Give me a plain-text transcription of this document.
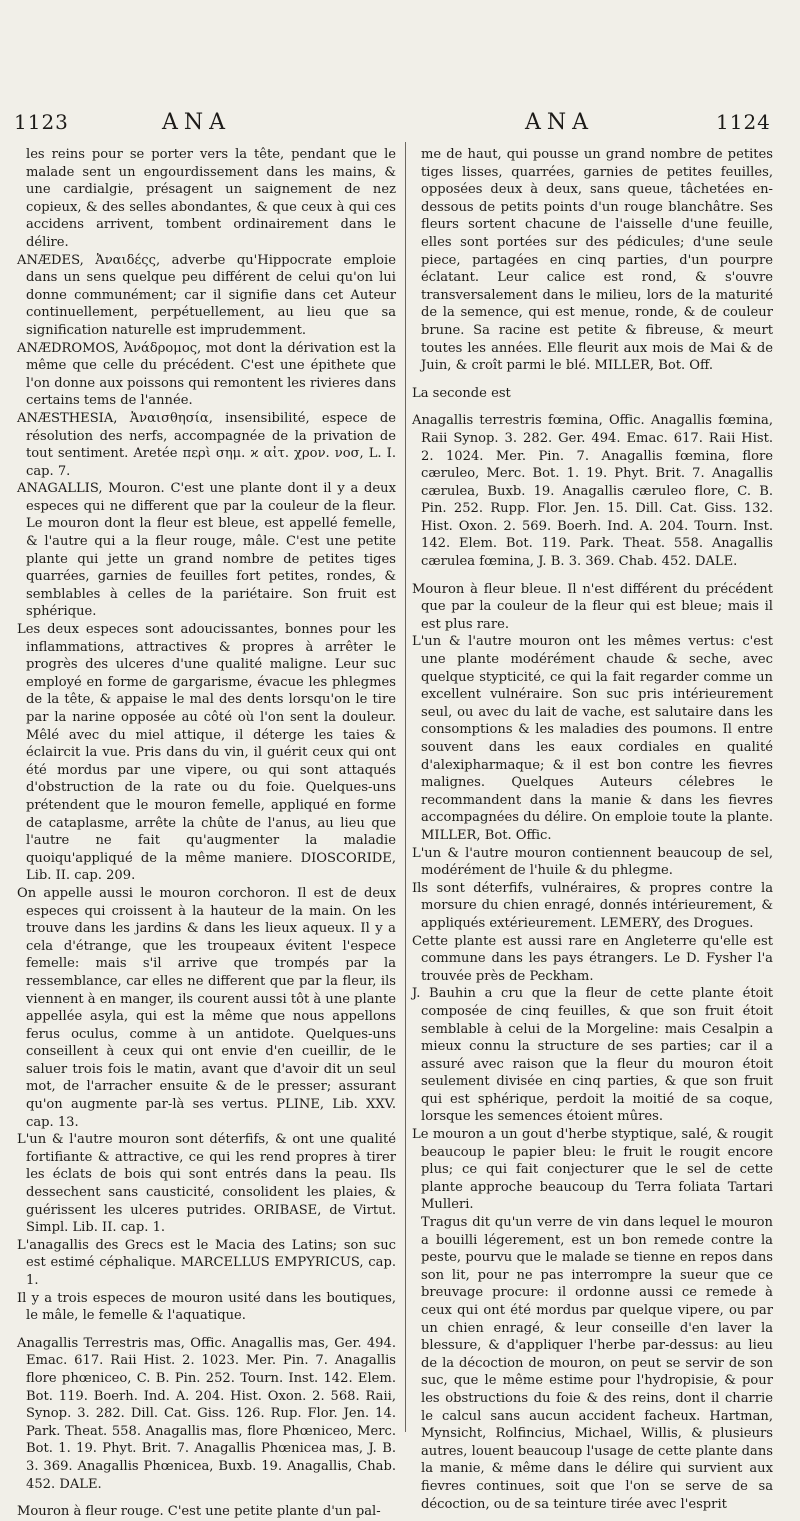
1123	ANA	ANA	1124

les reins pour se porter vers la tête, pendant que le malade sent un engourdissement dans les mains, & une cardialgie, présagent un saignement de nez copieux, & des selles abondantes, & que ceux à qui ces accidens arrivent, tombent ordinairement dans le délire.

ANÆDES, Ἀναιδέςς, adverbe qu'Hippocrate emploie dans un sens quelque peu différent de celui qu'on lui donne communément; car il signifie dans cet Auteur continuellement, perpétuellement, au lieu que sa signification naturelle est imprudemment.

ANÆDROMOS, Ἀνάδρομος, mot dont la dérivation est la même que celle du précédent. C'est une épithete que l'on donne aux poissons qui remontent les rivieres dans certains tems de l'année.

ANÆSTHESIA, Ἀναισθησία, insensibilité, espece de résolution des nerfs, accompagnée de la privation de tout sentiment. Aretée περὶ σημ. ϰ αἰτ. χρον. νοσ, L. I. cap. 7.

ANAGALLIS, Mouron. C'est une plante dont il y a deux especes qui ne different que par la couleur de la fleur. Le mouron dont la fleur est bleue, est appellé femelle, & l'autre qui a la fleur rouge, mâle. C'est une petite plante qui jette un grand nombre de petites tiges quarrées, garnies de feuilles fort petites, rondes, & semblables à celles de la pariétaire. Son fruit est sphérique.

Les deux especes sont adoucissantes, bonnes pour les inflammations, attractives & propres à arrêter le progrès des ulceres d'une qualité maligne. Leur suc employé en forme de gargarisme, évacue les phlegmes de la tête, & appaise le mal des dents lorsqu'on le tire par la narine opposée au côté où l'on sent la douleur. Mêlé avec du miel attique, il déterge les taies & éclaircit la vue. Pris dans du vin, il guérit ceux qui ont été mordus par une vipere, ou qui sont attaqués d'obstruction de la rate ou du foie. Quelques-uns prétendent que le mouron femelle, appliqué en forme de cataplasme, arrête la chûte de l'anus, au lieu que l'autre ne fait qu'augmenter la maladie quoiqu'appliqué de la même maniere. DIOSCORIDE, Lib. II. cap. 209.

On appelle aussi le mouron corchoron. Il est de deux especes qui croissent à la hauteur de la main. On les trouve dans les jardins & dans les lieux aqueux. Il y a cela d'étrange, que les troupeaux évitent l'espece femelle: mais s'il arrive que trompés par la ressemblance, car elles ne different que par la fleur, ils viennent à en manger, ils courent aussi tôt à une plante appellée asyla, qui est la même que nous appellons ferus oculus, comme à un antidote. Quelques-uns conseillent à ceux qui ont envie d'en cueillir, de le saluer trois fois le matin, avant que d'avoir dit un seul mot, de l'arracher ensuite & de le presser; assurant qu'on augmente par-là ses vertus. PLINE, Lib. XXV. cap. 13.

L'un & l'autre mouron sont déterfifs, & ont une qualité fortifiante & attractive, ce qui les rend propres à tirer les éclats de bois qui sont entrés dans la peau. Ils dessechent sans causticité, consolident les plaies, & guérissent les ulceres putrides. ORIBASE, de Virtut. Simpl. Lib. II. cap. 1.

L'anagallis des Grecs est le Macia des Latins; son suc est estimé céphalique. MARCELLUS EMPYRICUS, cap. 1.

Il y a trois especes de mouron usité dans les boutiques, le mâle, le femelle & l'aquatique.

Anagallis Terrestris mas, Offic. Anagallis mas, Ger. 494. Emac. 617. Raii Hist. 2. 1023. Mer. Pin. 7. Anagallis flore phœniceo, C. B. Pin. 252. Tourn. Inst. 142. Elem. Bot. 119. Boerh. Ind. A. 204. Hist. Oxon. 2. 568. Raii, Synop. 3. 282. Dill. Cat. Giss. 126. Rup. Flor. Jen. 14. Park. Theat. 558. Anagallis mas, flore Phœniceo, Merc. Bot. 1. 19. Phyt. Brit. 7. Anagallis Phœnicea mas, J. B. 3. 369. Anagallis Phœnicea, Buxb. 19. Anagallis, Chab. 452. DALE.

Mouron à fleur rouge. C'est une petite plante d'un pal-

me de haut, qui pousse un grand nombre de petites tiges lisses, quarrées, garnies de petites feuilles, opposées deux à deux, sans queue, tâchetées en-dessous de petits points d'un rouge blanchâtre. Ses fleurs sortent chacune de l'aisselle d'une feuille, elles sont portées sur des pédicules; d'une seule piece, partagées en cinq parties, d'un pourpre éclatant. Leur calice est rond, & s'ouvre transversalement dans le milieu, lors de la maturité de la semence, qui est menue, ronde, & de couleur brune. Sa racine est petite & fibreuse, & meurt toutes les années. Elle fleurit aux mois de Mai & de Juin, & croît parmi le blé. MILLER, Bot. Off.

La seconde est

Anagallis terrestris fœmina, Offic. Anagallis fœmina, Raii Synop. 3. 282. Ger. 494. Emac. 617. Raii Hist. 2. 1024. Mer. Pin. 7. Anagallis fœmina, flore cæruleo, Merc. Bot. 1. 19. Phyt. Brit. 7. Anagallis cærulea, Buxb. 19. Anagallis cæruleo flore, C. B. Pin. 252. Rupp. Flor. Jen. 15. Dill. Cat. Giss. 132. Hist. Oxon. 2. 569. Boerh. Ind. A. 204. Tourn. Inst. 142. Elem. Bot. 119. Park. Theat. 558. Anagallis cærulea fœmina, J. B. 3. 369. Chab. 452. DALE.

Mouron à fleur bleue. Il n'est différent du précédent que par la couleur de la fleur qui est bleue; mais il est plus rare.

L'un & l'autre mouron ont les mêmes vertus: c'est une plante modérément chaude & seche, avec quelque stypticité, ce qui la fait regarder comme un excellent vulnéraire. Son suc pris intérieurement seul, ou avec du lait de vache, est salutaire dans les consomptions & les maladies des poumons. Il entre souvent dans les eaux cordiales en qualité d'alexipharmaque; & il est bon contre les fievres malignes. Quelques Auteurs célebres le recommandent dans la manie & dans les fievres accompagnées du délire. On emploie toute la plante. MILLER, Bot. Offic.

L'un & l'autre mouron contiennent beaucoup de sel, modérément de l'huile & du phlegme.

Ils sont déterfifs, vulnéraires, & propres contre la morsure du chien enragé, donnés intérieurement, & appliqués extérieurement. LEMERY, des Drogues.

Cette plante est aussi rare en Angleterre qu'elle est commune dans les pays étrangers. Le D. Fysher l'a trouvée près de Peckham.

J. Bauhin a cru que la fleur de cette plante étoit composée de cinq feuilles, & que son fruit étoit semblable à celui de la Morgeline: mais Cesalpin a mieux connu la structure de ses parties; car il a assuré avec raison que la fleur du mouron étoit seulement divisée en cinq parties, & que son fruit qui est sphérique, perdoit la moitié de sa coque, lorsque les semences étoient mûres.

Le mouron a un gout d'herbe styptique, salé, & rougit beaucoup le papier bleu: le fruit le rougit encore plus; ce qui fait conjecturer que le sel de cette plante approche beaucoup du Terra foliata Tartari Mulleri.

Tragus dit qu'un verre de vin dans lequel le mouron a bouilli légerement, est un bon remede contre la peste, pourvu que le malade se tienne en repos dans son lit, pour ne pas interrompre la sueur que ce breuvage procure: il ordonne aussi ce remede à ceux qui ont été mordus par quelque vipere, ou par un chien enragé, & leur conseille d'en laver la blessure, & d'appliquer l'herbe par-dessus: au lieu de la décoction de mouron, on peut se servir de son suc, que le même estime pour l'hydropisie, & pour les obstructions du foie & des reins, dont il charrie le calcul sans aucun accident facheux. Hartman, Mynsicht, Rolfincius, Michael, Willis, & plusieurs autres, louent beaucoup l'usage de cette plante dans la manie, & même dans le délire qui survient aux fievres continues, soit que l'on se serve de sa décoction, ou de sa teinture tirée avec l'esprit
